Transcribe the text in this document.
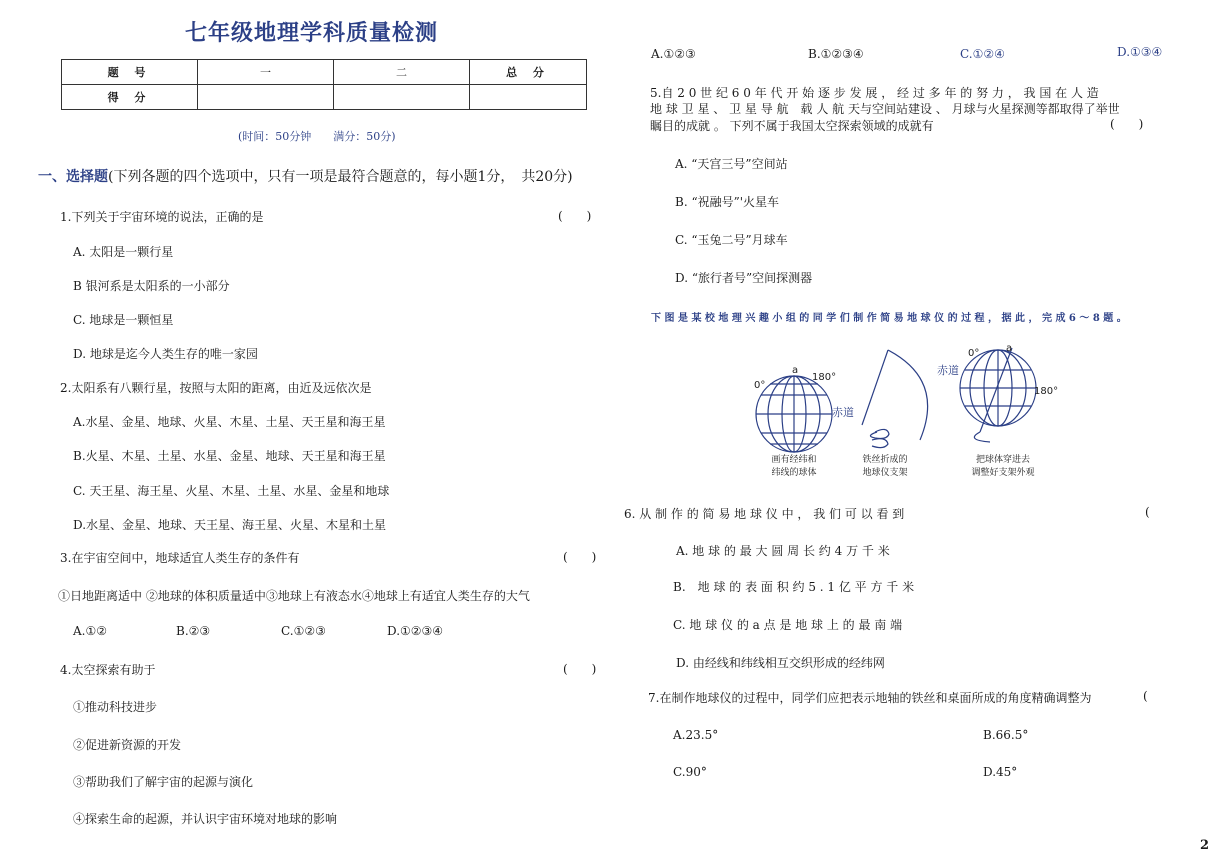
七年级地理学科质量检测
题 号	一	二	总 分
得 分			
(时间：50分钟　　满分：50分)
一、选择题(下列各题的四个选项中，只有一项是最符合题意的，每小题1分，　共20分)
1.下列关于宇宙环境的说法，正确的是	(　　)
A. 太阳是一颗行星
B 银河系是太阳系的一小部分
C. 地球是一颗恒星
D. 地球是迄今人类生存的唯一家园
2.太阳系有八颗行星，按照与太阳的距离，由近及远依次是
A.水星、金星、地球、火星、木星、土星、天王星和海王星
B.火星、木星、土星、水星、金星、地球、天王星和海王星
C. 天王星、海王星、火星、木星、土星、水星、金星和地球
D.水星、金星、地球、天王星、海王星、火星、木星和土星
3.在宇宙空间中，地球适宜人类生存的条件有	(　　)
①日地距离适中 ②地球的体积质量适中③地球上有液态水④地球上有适宜人类生存的大气
A.①②	B.②③	C.①②③	D.①②③④
4.太空探索有助于	(　　)
①推动科技进步
②促进新资源的开发
③帮助我们了解宇宙的起源与演化
④探索生命的起源，并认识宇宙环境对地球的影响
A.①②③	B.①②③④	C.①②④	D.①③④
5.自 2 0 世 纪 6 0 年 代 开 始 逐 步 发 展 ， 经 过 多 年 的 努 力 ， 我 国 在 人 造
地 球 卫 星 、 卫 星 导 航　载 人 航 天与空间站建设 、 月球与火星探测等都取得了举世
瞩目的成就 。 下列不属于我国太空探索领域的成就有	(　　)
A. “天宫三号”空间站
B. “祝融号”'火星车
C. “玉兔二号”月球车
D. “旅行者号”空间探测器
下 图 是 某 校 地 理 兴 趣 小 组 的 同 学 们 制 作 简 易 地 球 仪 的 过 程 ， 据 此 ， 完 成 6 ～ 8 题 。
a
0°
180°
赤道
画有经纬和
纬线的球体
铁丝折成的
地球仪支架
a
0°
180°
赤道
把球体穿进去
调整好支架外观
6. 从 制 作 的 简 易 地 球 仪 中 ， 我 们 可 以 看 到	(
A. 地 球 的 最 大 圆 周 长 约 4 万 千 米
B.　地 球 的 表 面 积 约 5 . 1 亿 平 方 千 米
C. 地 球 仪 的 a 点 是 地 球 上 的 最 南 端
D. 由经线和纬线相互交织形成的经纬网
7.在制作地球仪的过程中，同学们应把表示地轴的铁丝和桌面所成的角度精确调整为	(
A.23.5°	B.66.5°
C.90°	D.45°
2
